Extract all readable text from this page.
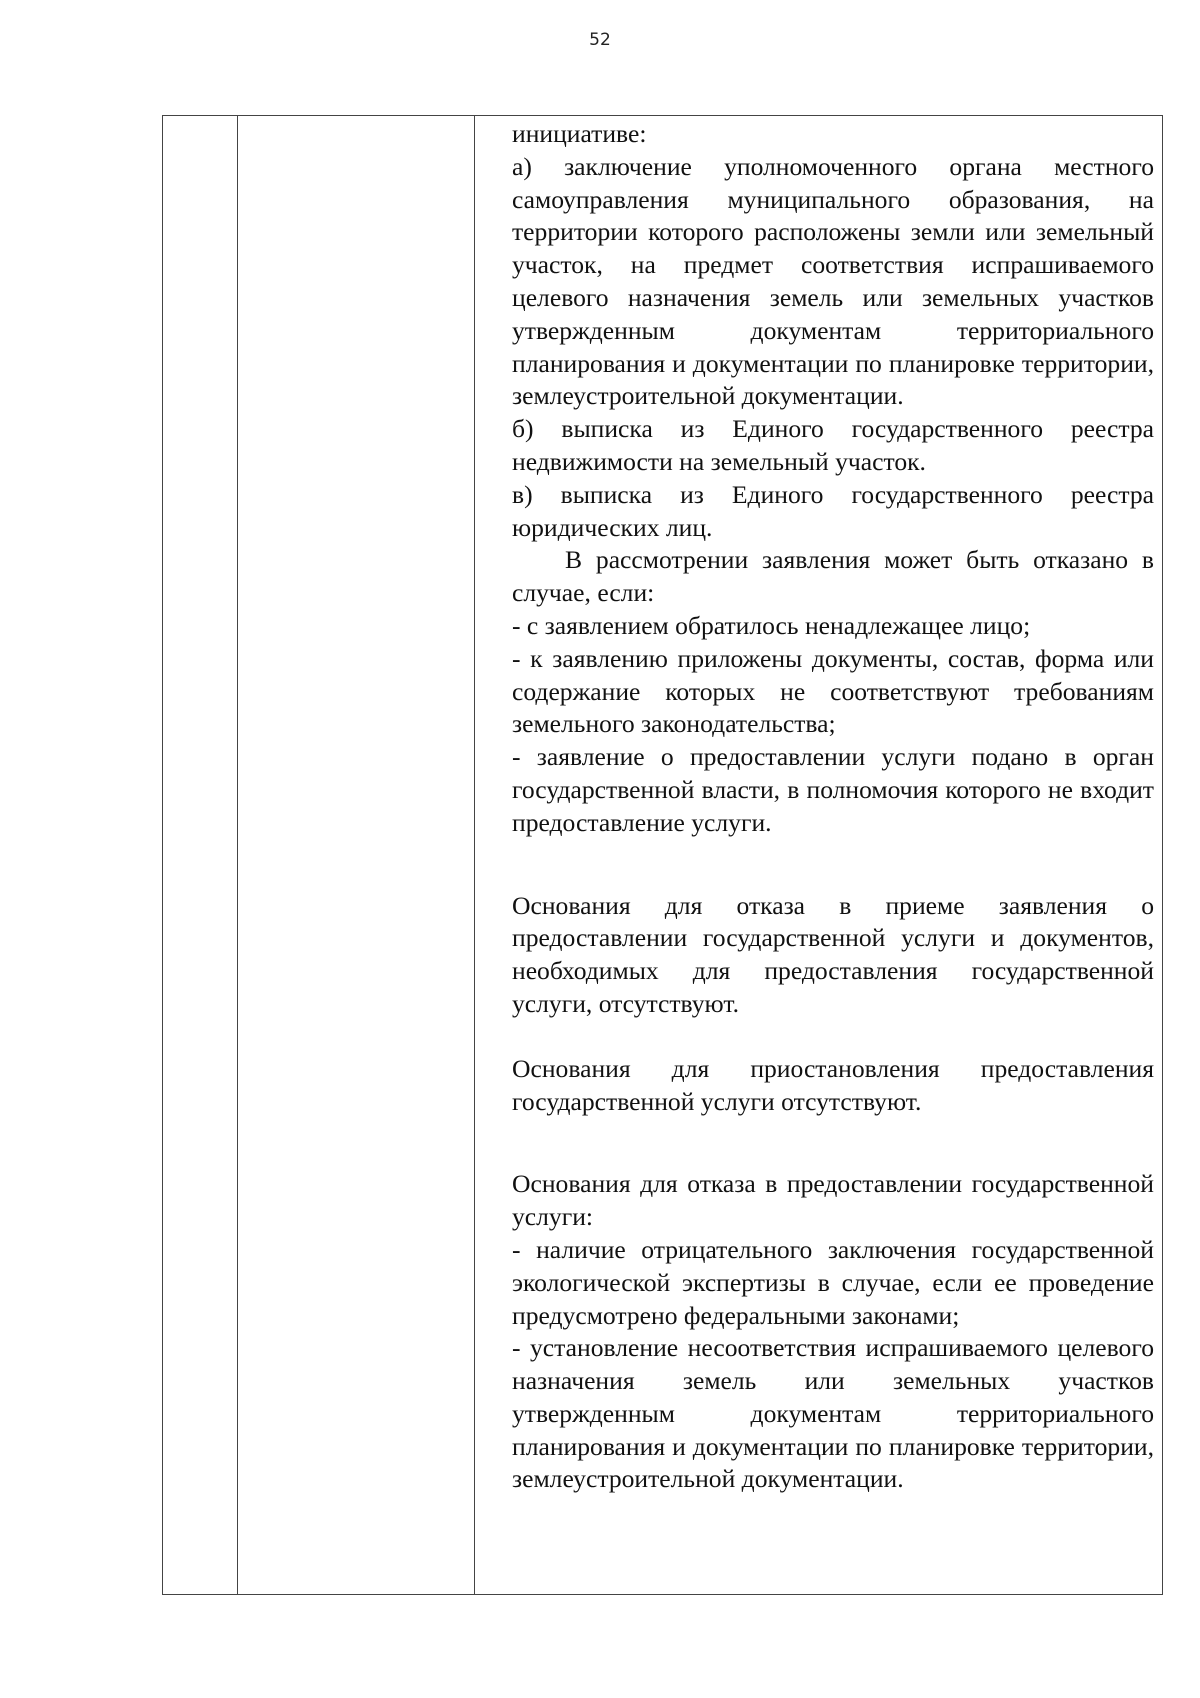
52

инициативе:

а) заключение уполномоченного органа местного самоуправления муниципального образования, на территории которого расположены земли или земельный участок, на предмет соответствия испрашиваемого целевого назначения земель или земельных участков утвержденным документам территориального планирования и документации по планировке территории, землеустроительной документации.

б) выписка из Единого государственного реестра недвижимости на земельный участок.

в) выписка из Единого государственного реестра юридических лиц.

В рассмотрении заявления может быть отказано в случае, если:

- с заявлением обратилось ненадлежащее лицо;

- к заявлению приложены документы, состав, форма или содержание которых не соответствуют требованиям земельного законодательства;

- заявление о предоставлении услуги подано в орган государственной власти, в полномочия которого не входит предоставление услуги.

Основания для отказа в приеме заявления о предоставлении государственной услуги и документов, необходимых для предоставления государственной услуги, отсутствуют.

Основания для приостановления предоставления государственной услуги отсутствуют.

Основания для отказа в предоставлении государственной услуги:

- наличие отрицательного заключения государственной экологической экспертизы в случае, если ее проведение предусмотрено федеральными законами;

- установление несоответствия испрашиваемого целевого назначения земель или земельных участков утвержденным документам территориального планирования и документации по планировке территории, землеустроительной документации.
